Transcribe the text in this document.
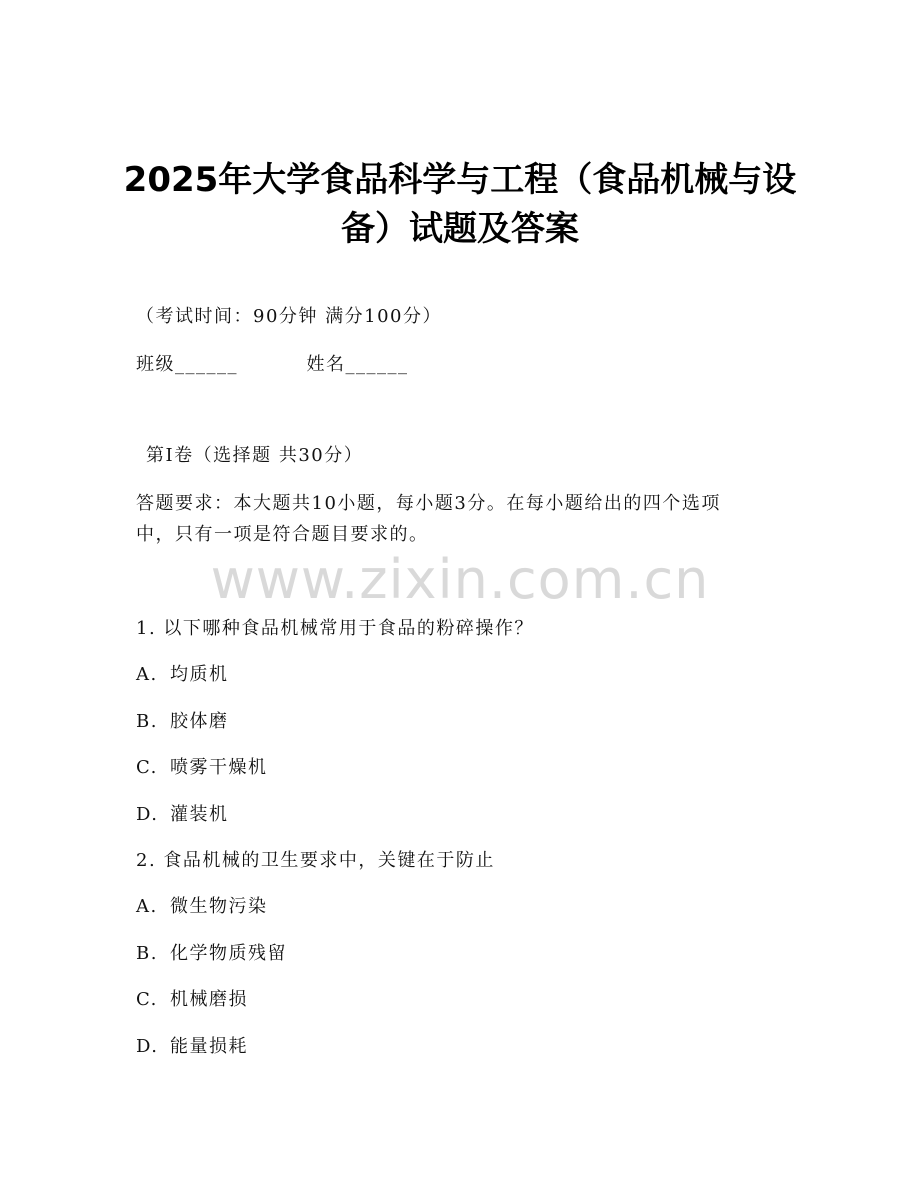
2025年大学食品科学与工程（食品机械与设
备）试题及答案
（考试时间：90分钟 满分100分）
班级______	姓名______
第Ⅰ卷（选择题 共30分）
答题要求：本大题共10小题，每小题3分。在每小题给出的四个选项
中，只有一项是符合题目要求的。
www.zixin.com.cn
1. 以下哪种食品机械常用于食品的粉碎操作？
A. 均质机
B. 胶体磨
C. 喷雾干燥机
D. 灌装机
2. 食品机械的卫生要求中，关键在于防止
A. 微生物污染
B. 化学物质残留
C. 机械磨损
D. 能量损耗
